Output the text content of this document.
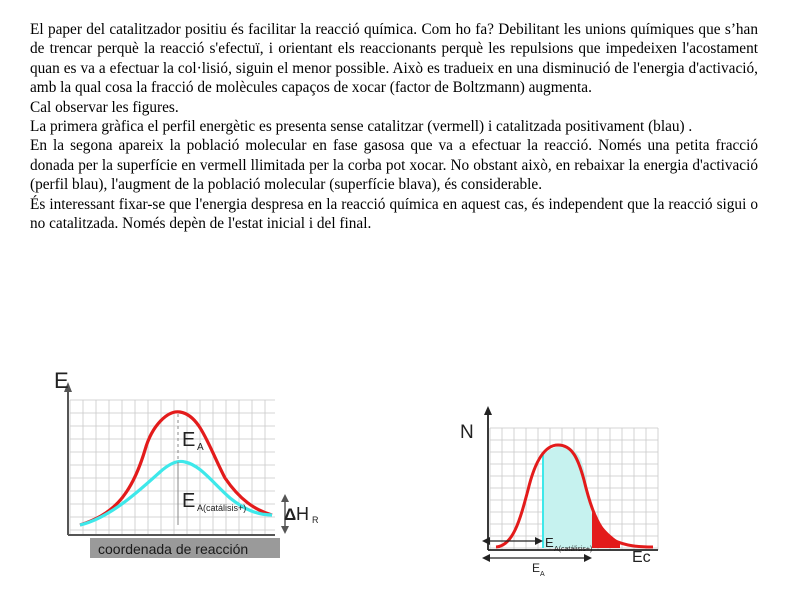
El paper del catalitzador positiu és facilitar la reacció química. Com ho fa? Debilitant les unions químiques que s’han de trencar perquè la reacció s'efectuï, i orientant els reaccionants perquè les repulsions que impedeixen l'acostament quan es va a efectuar la col·lisió, siguin el menor possible. Això es tradueix en una disminució de l'energia d'activació, amb la qual cosa la fracció de molècules capaços de xocar (factor de Boltzmann) augmenta.

Cal observar les figures.

La primera gràfica el perfil energètic es presenta sense catalitzar (vermell) i catalitzada positivament (blau) .

En la segona apareix la població molecular en fase gasosa que va a efectuar la reacció. Només una petita fracció donada per la superfície en vermell llimitada per la corba pot xocar. No obstant això, en rebaixar la energia d'activació (perfil blau), l'augment de la població molecular (superfície blava), és considerable.

És interessant fixar-se que l'energia despresa en la reacció química en aquest cas, és independent que la reacció sigui o no catalitzada. Només depèn de l'estat inicial i del final.

E
E A
E A(catálisis+) Δ H R
coordenada de reacción
N
E A(catálisis+)
E A
Ec
